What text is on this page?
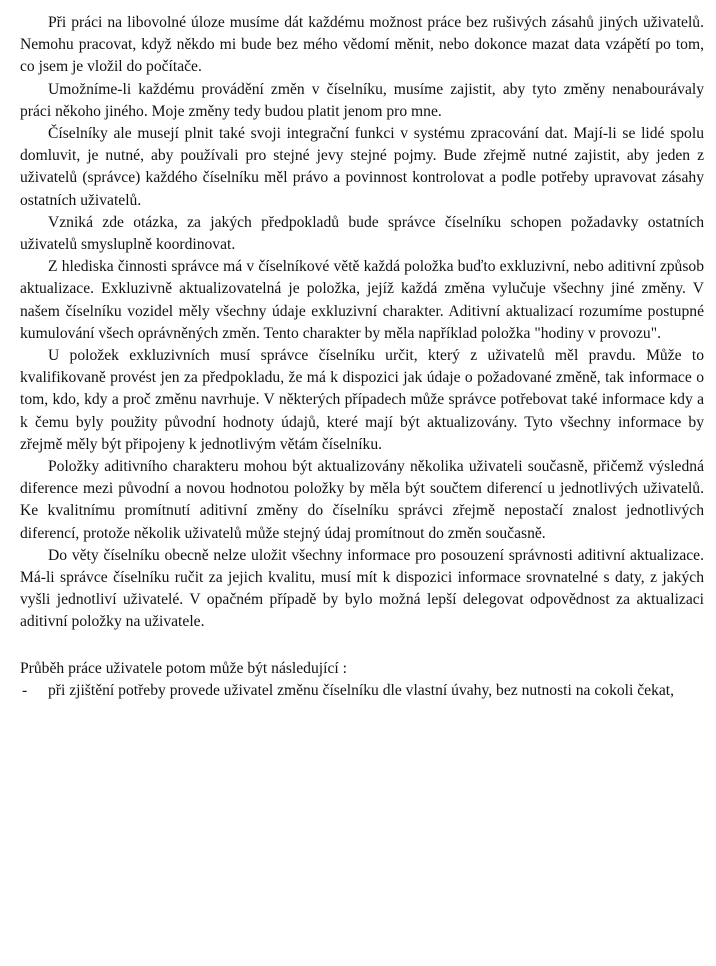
Při práci na libovolné úloze musíme dát každému možnost práce bez rušivých zásahů jiných uživatelů. Nemohu pracovat, když někdo mi bude bez mého vědomí měnit, nebo dokonce mazat data vzápětí po tom, co jsem je vložil do počítače.

Umožníme-li každému provádění změn v číselníku, musíme zajistit, aby tyto změny nenabourávaly práci někoho jiného. Moje změny tedy budou platit jenom pro mne.

Číselníky ale musejí plnit také svoji integrační funkci v systému zpracování dat. Mají-li se lidé spolu domluvit, je nutné, aby používali pro stejné jevy stejné pojmy. Bude zřejmě nutné zajistit, aby jeden z uživatelů (správce) každého číselníku měl právo a povinnost kontrolovat a podle potřeby upravovat zásahy ostatních uživatelů.

Vzniká zde otázka, za jakých předpokladů bude správce číselníku schopen požadavky ostatních uživatelů smysluplně koordinovat.

Z hlediska činnosti správce má v číselníkové větě každá položka buďto exkluzivní, nebo aditivní způsob aktualizace. Exkluzivně aktualizovatelná je položka, jejíž každá změna vylučuje všechny jiné změny. V našem číselníku vozidel měly všechny údaje exkluzivní charakter. Aditivní aktualizací rozumíme postupné kumulování všech oprávněných změn. Tento charakter by měla například položka "hodiny v provozu".

U položek exkluzivních musí správce číselníku určit, který z uživatelů měl pravdu. Může to kvalifikovaně provést jen za předpokladu, že má k dispozici jak údaje o požadované změně, tak informace o tom, kdo, kdy a proč změnu navrhuje. V některých případech může správce potřebovat také informace kdy a k čemu byly použity původní hodnoty údajů, které mají být aktualizovány. Tyto všechny informace by zřejmě měly být připojeny k jednotlivým větám číselníku.

Položky aditivního charakteru mohou být aktualizovány několika uživateli současně, přičemž výsledná diference mezi původní a novou hodnotou položky by měla být součtem diferencí u jednotlivých uživatelů. Ke kvalitnímu promítnutí aditivní změny do číselníku správci zřejmě nepostačí znalost jednotlivých diferencí, protože několik uživatelů může stejný údaj promítnout do změn současně.

Do věty číselníku obecně nelze uložit všechny informace pro posouzení správnosti aditivní aktualizace. Má-li správce číselníku ručit za jejich kvalitu, musí mít k dispozici informace srovnatelné s daty, z jakých vyšli jednotliví uživatelé. V opačném případě by bylo možná lepší delegovat odpovědnost za aktualizaci aditivní položky na uživatele.

Průběh práce uživatele potom může být následující :

- při zjištění potřeby provede uživatel změnu číselníku dle vlastní úvahy, bez nutnosti na cokoli čekat,
